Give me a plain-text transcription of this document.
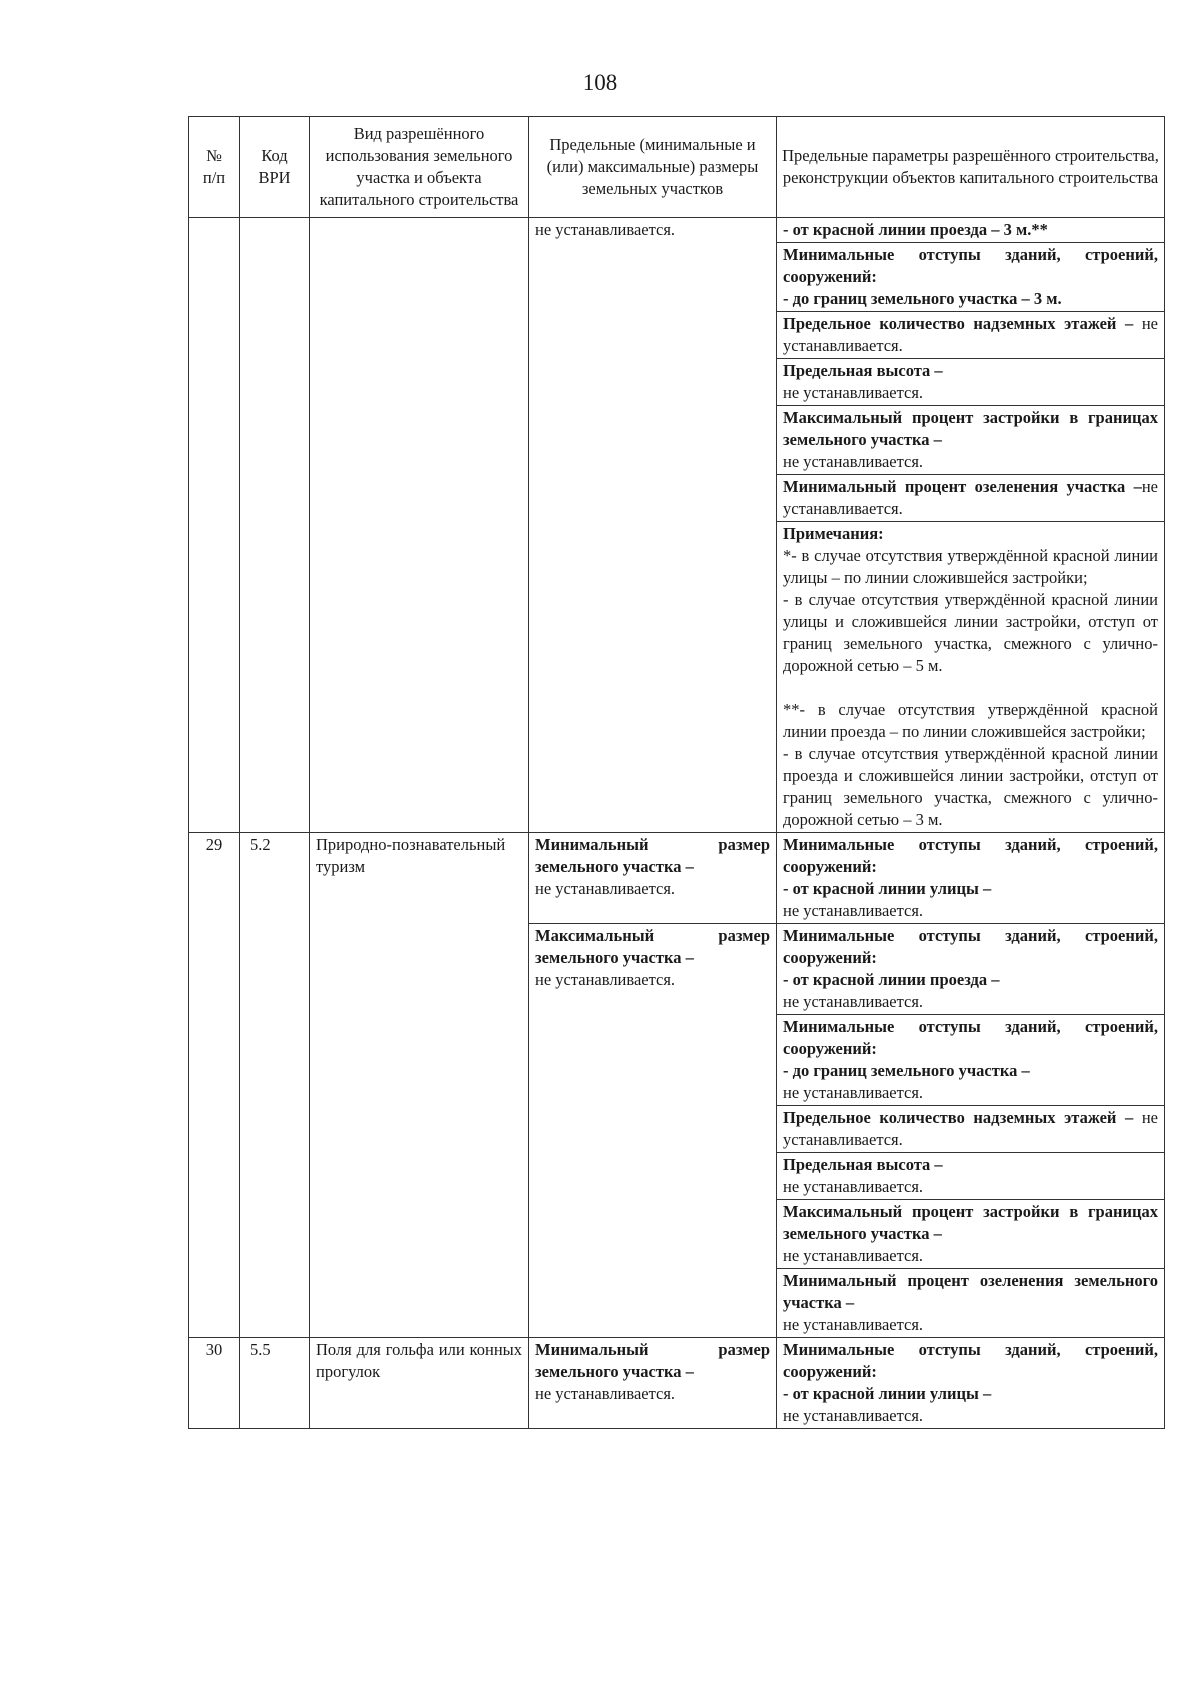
108
№
п/п	Код
ВРИ	Вид разрешённого использования земельного участка и объекта капитального строительства	Предельные (минимальные и (или) максимальные) размеры земельных участков	Предельные параметры разрешённого строительства, реконструкции объектов капитального строительства
			не устанавливается.	- от красной линии проезда – 3 м.**
				Минимальные отступы зданий, строений, сооружений:
- до границ земельного участка – 3 м.
				Предельное количество надземных этажей – не устанавливается.
				Предельная высота –
не устанавливается.
				Максимальный процент застройки в границах земельного участка –
не устанавливается.
				Минимальный процент озеленения участка –не устанавливается.
				Примечания:
*- в случае отсутствия утверждённой красной линии улицы – по линии сложившейся застройки;
- в случае отсутствия утверждённой красной линии улицы и сложившейся линии застройки, отступ от границ земельного участка, смежного с улично-дорожной сетью – 5 м.
**- в случае отсутствия утверждённой красной линии проезда – по линии сложившейся застройки;
- в случае отсутствия утверждённой красной линии проезда и сложившейся линии застройки, отступ от границ земельного участка, смежного с улично-дорожной сетью – 3 м.

29	5.2	Природно-познавательный туризм	Минимальный размер земельного участка –
не устанавливается.	Минимальные отступы зданий, строений, сооружений:
- от красной линии улицы –
не устанавливается.
			Максимальный размер земельного участка –
не устанавливается.	Минимальные отступы зданий, строений, сооружений:
- от красной линии проезда –
не устанавливается.
				Минимальные отступы зданий, строений, сооружений:
- до границ земельного участка –
не устанавливается.
				Предельное количество надземных этажей – не устанавливается.
				Предельная высота –
не устанавливается.
				Максимальный процент застройки в границах земельного участка –
не устанавливается.
				Минимальный процент озеленения земельного участка –
не устанавливается.
30	5.5	Поля для гольфа или конных прогулок	Минимальный размер земельного участка –
не устанавливается.	Минимальные отступы зданий, строений, сооружений:
- от красной линии улицы –
не устанавливается.
